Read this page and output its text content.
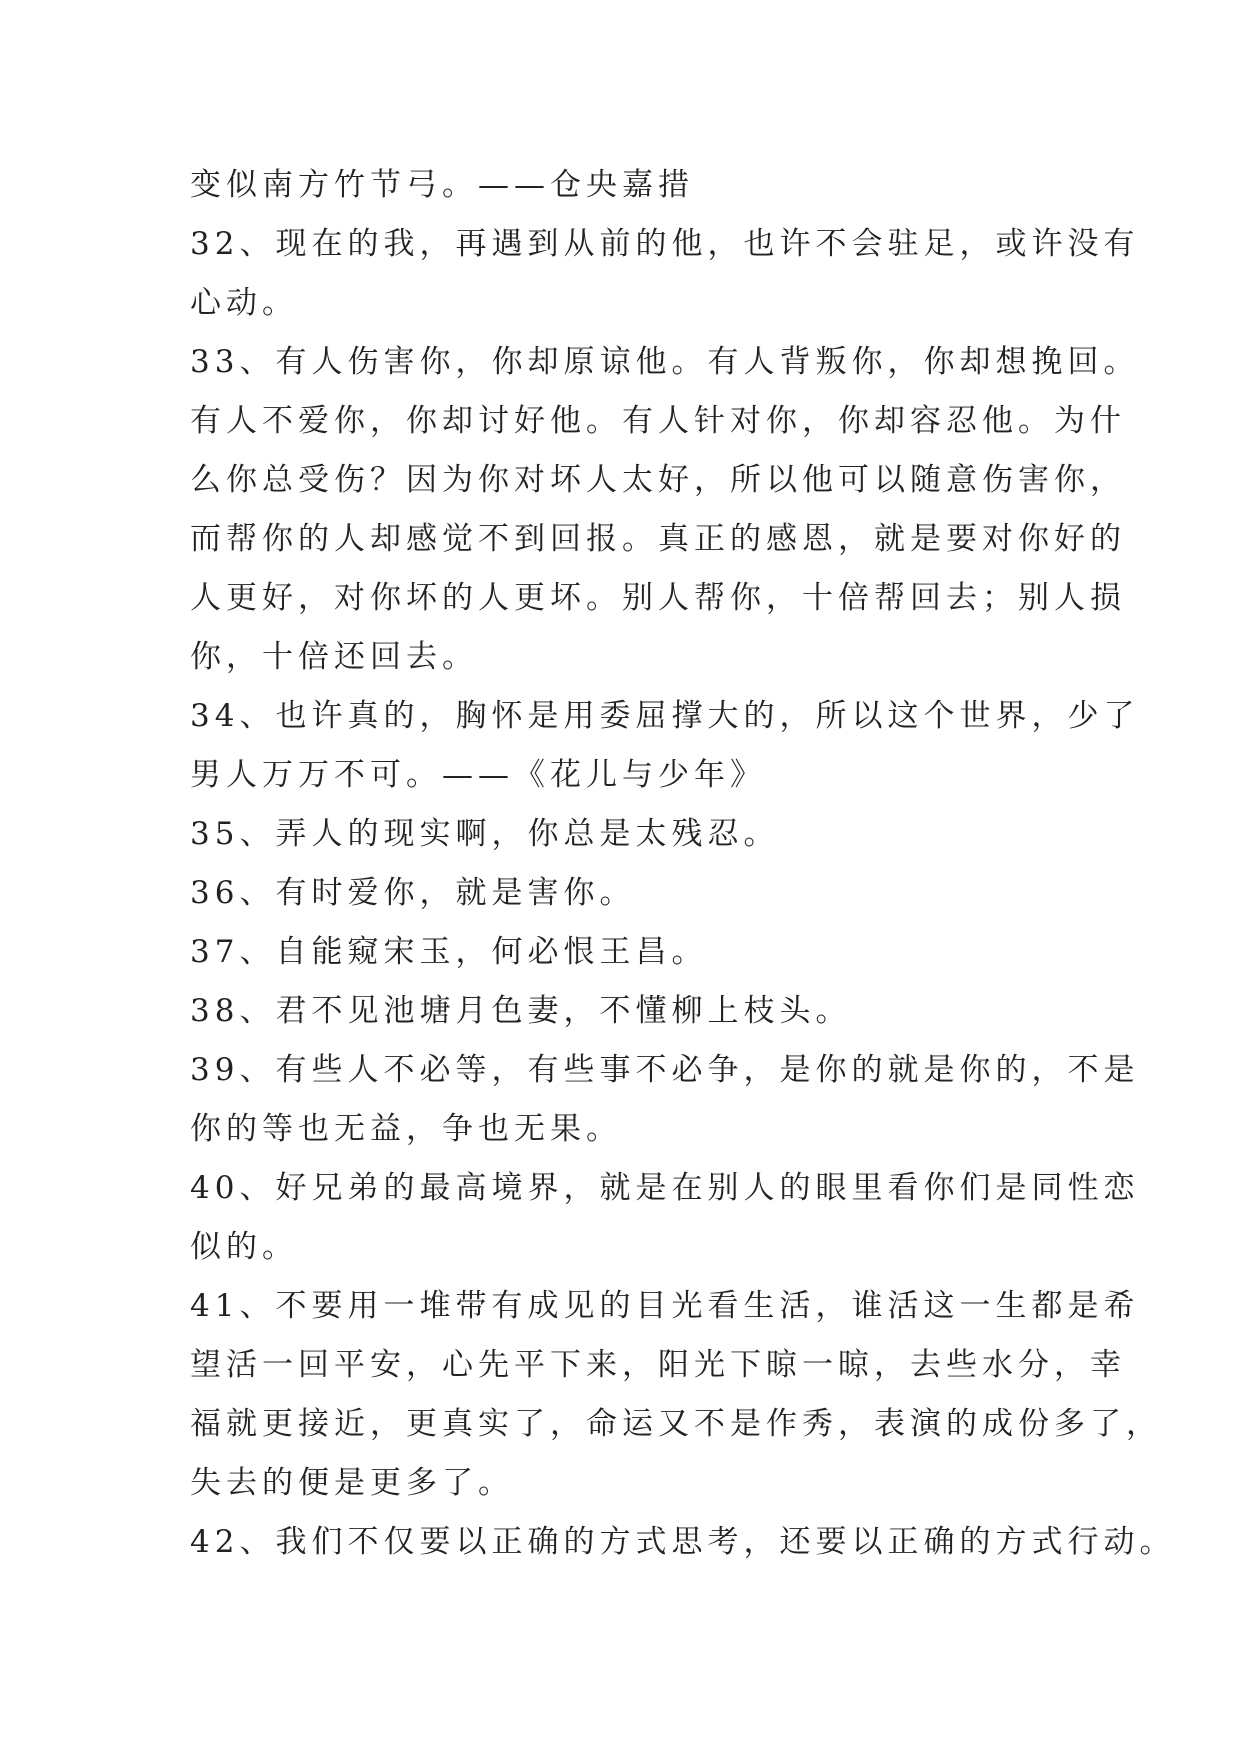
变似南方竹节弓。——仓央嘉措

32、现在的我，再遇到从前的他，也许不会驻足，或许没有
心动。

33、有人伤害你，你却原谅他。有人背叛你，你却想挽回。
有人不爱你，你却讨好他。有人针对你，你却容忍他。为什
么你总受伤？因为你对坏人太好，所以他可以随意伤害你，
而帮你的人却感觉不到回报。真正的感恩，就是要对你好的
人更好，对你坏的人更坏。别人帮你，十倍帮回去；别人损
你，十倍还回去。

34、也许真的，胸怀是用委屈撑大的，所以这个世界，少了
男人万万不可。——《花儿与少年》

35、弄人的现实啊，你总是太残忍。

36、有时爱你，就是害你。

37、自能窥宋玉，何必恨王昌。

38、君不见池塘月色妻，不懂柳上枝头。

39、有些人不必等，有些事不必争，是你的就是你的，不是
你的等也无益，争也无果。

40、好兄弟的最高境界，就是在别人的眼里看你们是同性恋
似的。

41、不要用一堆带有成见的目光看生活，谁活这一生都是希
望活一回平安，心先平下来，阳光下晾一晾，去些水分，幸
福就更接近，更真实了，命运又不是作秀，表演的成份多了，
失去的便是更多了。

42、我们不仅要以正确的方式思考，还要以正确的方式行动。
